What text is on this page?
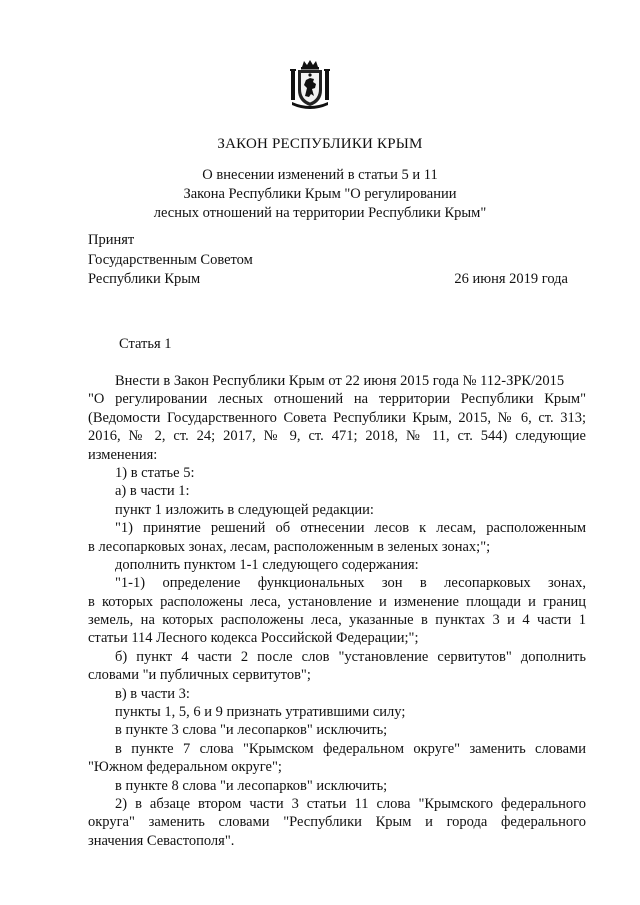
ЗАКОН РЕСПУБЛИКИ КРЫМ
О внесении изменений в статьи 5 и 11
Закона Республики Крым "О регулировании
лесных отношений на территории Республики Крым"
Принят
Государственным Советом
Республики Крым	26 июня 2019 года
Статья 1
Внести в Закон Республики Крым от 22 июня 2015 года № 112-ЗРК/2015
"О регулировании лесных отношений на территории Республики Крым"
(Ведомости Государственного Совета Республики Крым, 2015, № 6, ст. 313;
2016, № 2, ст. 24; 2017, № 9, ст. 471; 2018, № 11, ст. 544) следующие
изменения:
1) в статье 5:
а) в части 1:
пункт 1 изложить в следующей редакции:
"1) принятие решений об отнесении лесов к лесам, расположенным
в лесопарковых зонах, лесам, расположенным в зеленых зонах;";
дополнить пунктом 1-1 следующего содержания:
"1-1) определение функциональных зон в лесопарковых зонах,
в которых расположены леса, установление и изменение площади и границ
земель, на которых расположены леса, указанные в пунктах 3 и 4 части 1
статьи 114 Лесного кодекса Российской Федерации;";
б) пункт 4 части 2 после слов "установление сервитутов" дополнить
словами "и публичных сервитутов";
в) в части 3:
пункты 1, 5, 6 и 9 признать утратившими силу;
в пункте 3 слова "и лесопарков" исключить;
в пункте 7 слова "Крымском федеральном округе" заменить словами
"Южном федеральном округе";
в пункте 8 слова "и лесопарков" исключить;
2) в абзаце втором части 3 статьи 11 слова "Крымского федерального
округа" заменить словами "Республики Крым и города федерального
значения Севастополя".
